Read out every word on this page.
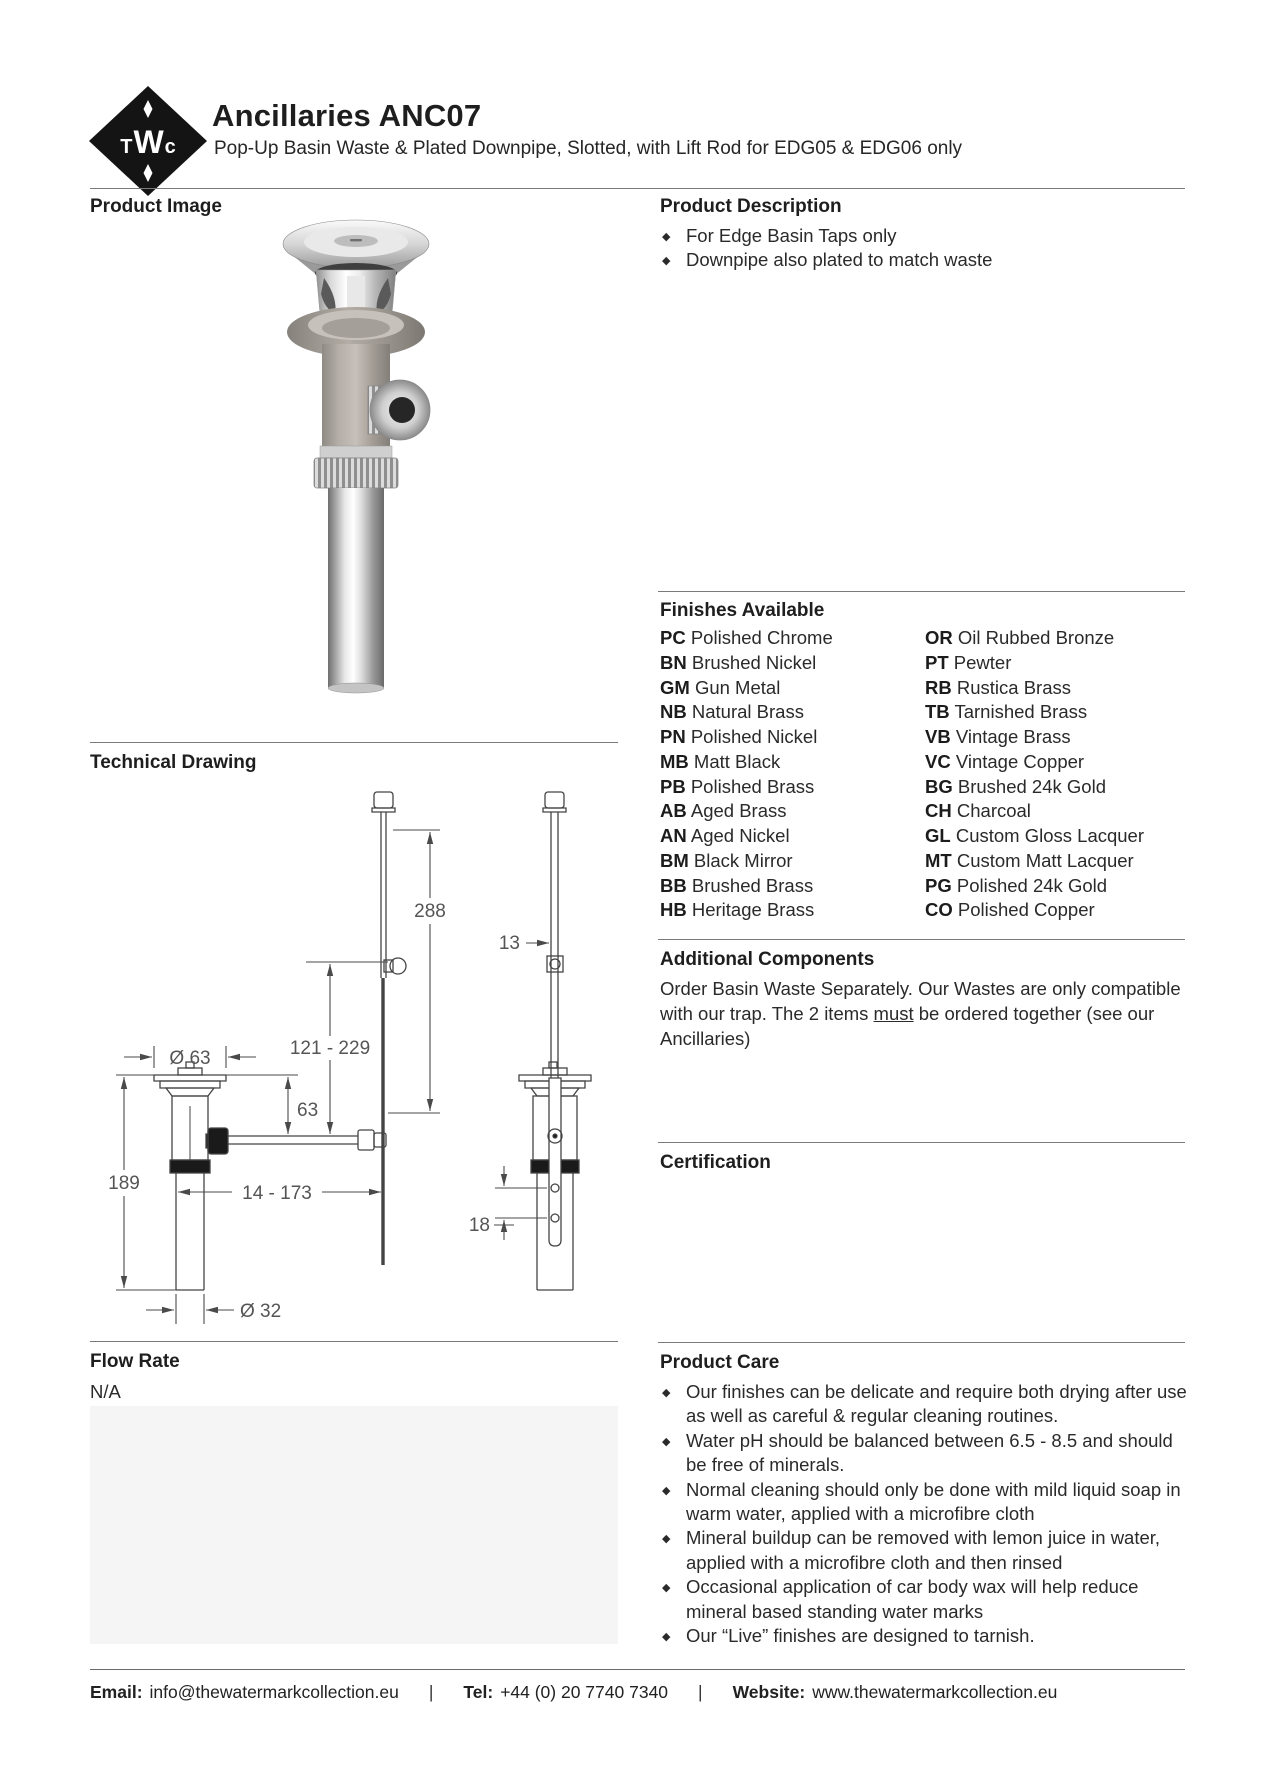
TWc
Ancillaries ANC07
Pop-Up Basin Waste & Plated Downpipe, Slotted, with Lift Rod for EDG05 & EDG06 only
Product Image
Technical Drawing
Ø 63
63
189
121 - 229
288
14 - 173
Ø 32
13
18
Flow Rate
N/A
Product Description
◆ For Edge Basin Taps only
◆ Downpipe also plated to match waste
Finishes Available
PC Polished Chrome
BN Brushed Nickel
GM Gun Metal
NB Natural Brass
PN Polished Nickel
MB Matt Black
PB Polished Brass
AB Aged Brass
AN Aged Nickel
BM Black Mirror
BB Brushed Brass
HB Heritage Brass
OR Oil Rubbed Bronze
PT Pewter
RB Rustica Brass
TB Tarnished Brass
VB Vintage Brass
VC Vintage Copper
BG Brushed 24k Gold
CH Charcoal
GL Custom Gloss Lacquer
MT Custom Matt Lacquer
PG Polished 24k Gold
CO Polished Copper
Additional Components
Order Basin Waste Separately. Our Wastes are only compatible with our trap. The 2 items must be ordered together (see our Ancillaries)
Certification
Product Care
◆ Our finishes can be delicate and require both drying after use as well as careful & regular cleaning routines.
◆ Water pH should be balanced between 6.5 - 8.5 and should be free of minerals.
◆ Normal cleaning should only be done with mild liquid soap in warm water, applied with a microfibre cloth
◆ Mineral buildup can be removed with lemon juice in water, applied with a microfibre cloth and then rinsed
◆ Occasional application of car body wax will help reduce mineral based standing water marks
◆ Our “Live” finishes are designed to tarnish.
Email: info@thewatermarkcollection.eu | Tel: +44 (0) 20 7740 7340 | Website: www.thewatermarkcollection.eu
